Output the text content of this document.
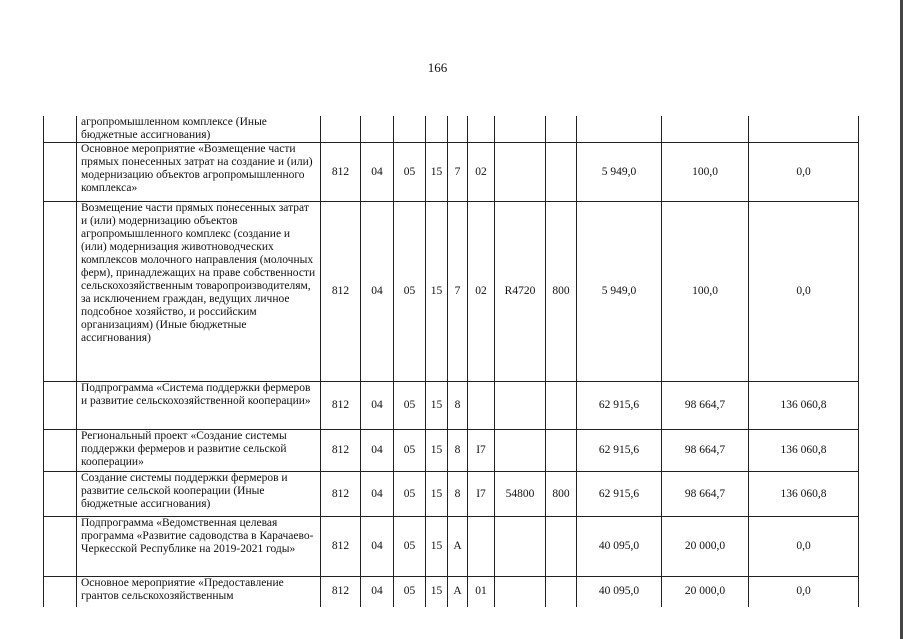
166
	агропромышленном комплексе (Иные бюджетные ассигнования)											
	Основное мероприятие «Возмещение части прямых понесенных затрат на создание и (или) модернизацию объектов агропромышленного комплекса»	812	04	05	15	7	02			5 949,0	100,0	0,0
	Возмещение части прямых понесенных затрат и (или) модернизацию объектов агропромышленного комплекс (создание и (или) модернизация животноводческих комплексов молочного направления (молочных ферм), принадлежащих на праве собственности сельскохозяйственным товаропроизводителям, за исключением граждан, ведущих личное подсобное хозяйство, и российским организациям) (Иные бюджетные ассигнования)	812	04	05	15	7	02	R4720	800	5 949,0	100,0	0,0
	Подпрограмма «Система поддержки фермеров и развитие сельскохозяйственной кооперации»	812	04	05	15	8				62 915,6	98 664,7	136 060,8
	Региональный проект «Создание системы поддержки фермеров и развитие сельской кооперации»	812	04	05	15	8	I7			62 915,6	98 664,7	136 060,8
	Создание системы поддержки фермеров и развитие сельской кооперации (Иные бюджетные ассигнования)	812	04	05	15	8	I7	54800	800	62 915,6	98 664,7	136 060,8
	Подпрограмма «Ведомственная целевая программа «Развитие садоводства в Карачаево-Черкесской Республике на 2019-2021 годы»	812	04	05	15	А				40 095,0	20 000,0	0,0
	Основное мероприятие «Предоставление грантов сельскохозяйственным	812	04	05	15	А	01			40 095,0	20 000,0	0,0
